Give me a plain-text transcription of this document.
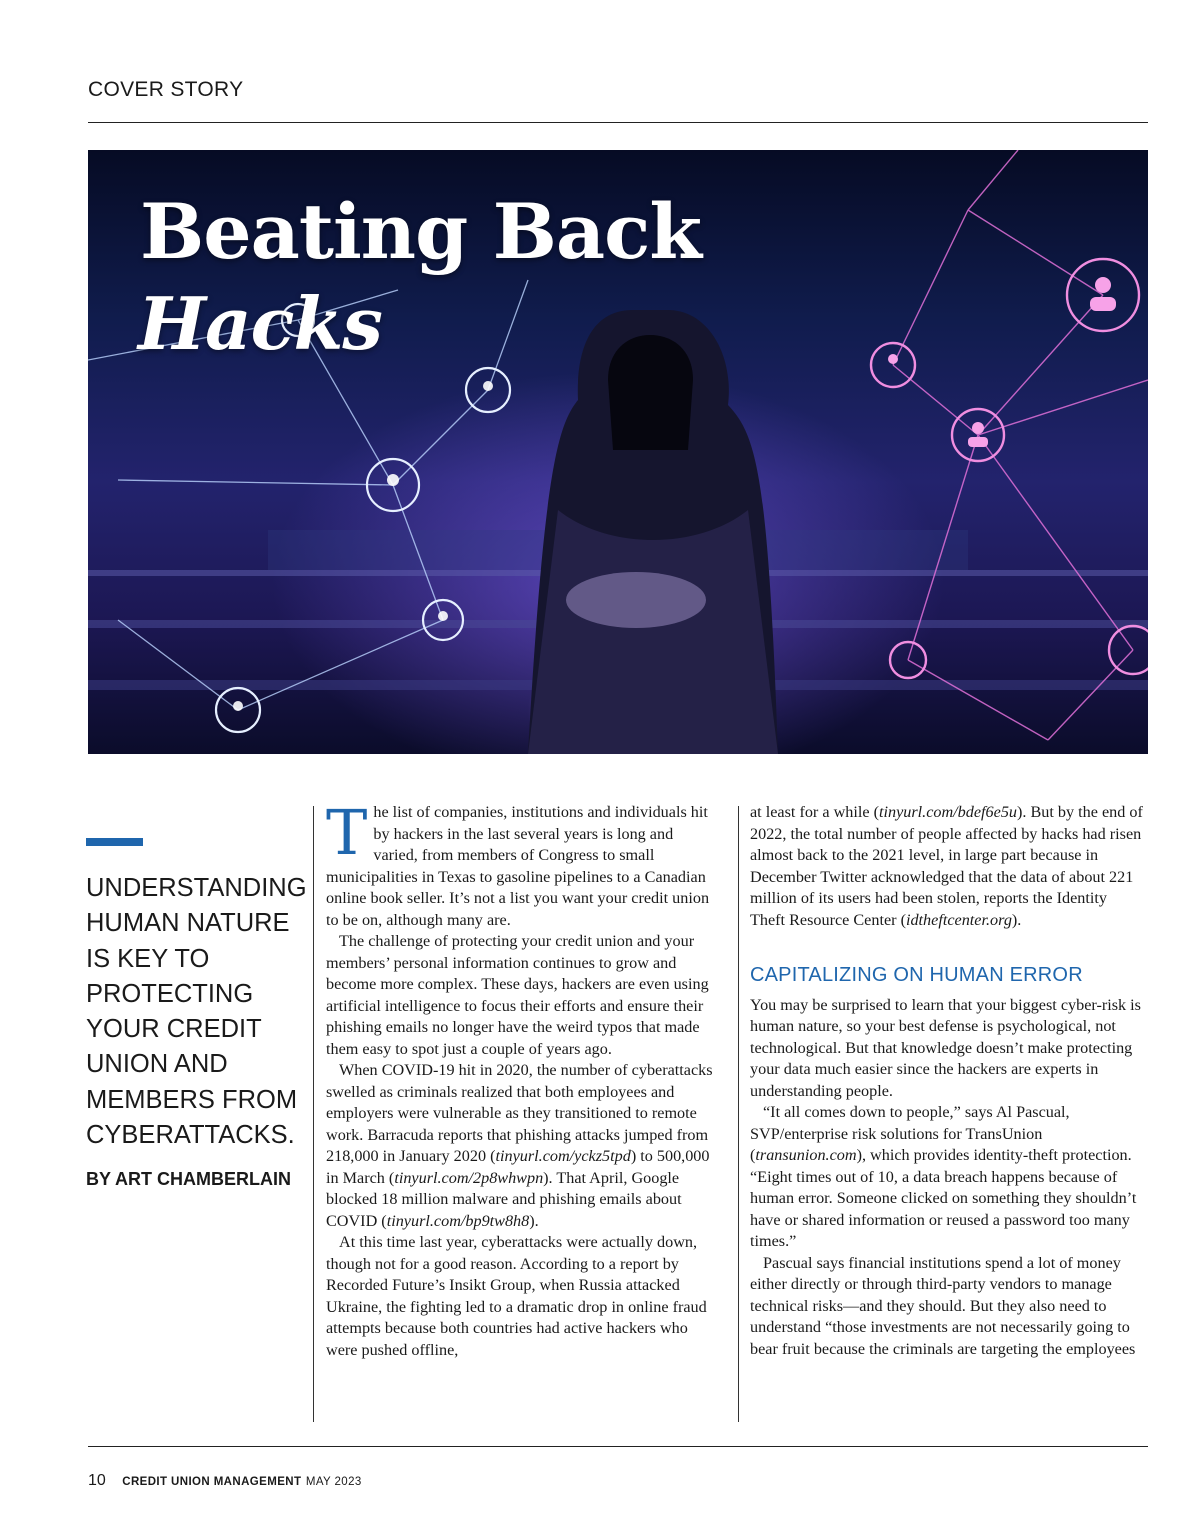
COVER STORY
Beating Back
Hacks
UNDERSTANDING HUMAN NATURE IS KEY TO PROTECTING YOUR CREDIT UNION AND MEMBERS FROM CYBERATTACKS.
BY ART CHAMBERLAIN

The list of companies, institutions and individuals hit by hackers in the last several years is long and varied, from members of Congress to small municipalities in Texas to gasoline pipelines to a Canadian online book seller. It’s not a list you want your credit union to be on, although many are.

The challenge of protecting your credit union and your members’ personal information continues to grow and become more complex. These days, hackers are even using artificial intelligence to focus their efforts and ensure their phishing emails no longer have the weird typos that made them easy to spot just a couple of years ago.

When COVID-19 hit in 2020, the number of cyberattacks swelled as criminals realized that both employees and employers were vulnerable as they transitioned to remote work. Barracuda reports that phishing attacks jumped from 218,000 in January 2020 (tinyurl.com/yckz5tpd) to 500,000 in March (tinyurl.com/2p8whwpn). That April, Google blocked 18 million malware and phishing emails about COVID (tinyurl.com/bp9tw8h8).

At this time last year, cyberattacks were actually down, though not for a good reason. According to a report by Recorded Future’s Insikt Group, when Russia attacked Ukraine, the fighting led to a dramatic drop in online fraud attempts because both countries had active hackers who were pushed offline,

at least for a while (tinyurl.com/bdef6e5u). But by the end of 2022, the total number of people affected by hacks had risen almost back to the 2021 level, in large part because in December Twitter acknowledged that the data of about 221 million of its users had been stolen, reports the Identity Theft Resource Center (idtheftcenter.org).

CAPITALIZING ON HUMAN ERROR

You may be surprised to learn that your biggest cyber-risk is human nature, so your best defense is psychological, not technological. But that knowledge doesn’t make protecting your data much easier since the hackers are experts in understanding people.

“It all comes down to people,” says Al Pascual, SVP/enterprise risk solutions for TransUnion (transunion.com), which provides identity-theft protection. “Eight times out of 10, a data breach happens because of human error. Someone clicked on something they shouldn’t have or shared information or reused a password too many times.”

Pascual says financial institutions spend a lot of money either directly or through third-party vendors to manage technical risks—and they should. But they also need to understand “those investments are not necessarily going to bear fruit because the criminals are targeting the employees

10 CREDIT UNION MANAGEMENT MAY 2023
